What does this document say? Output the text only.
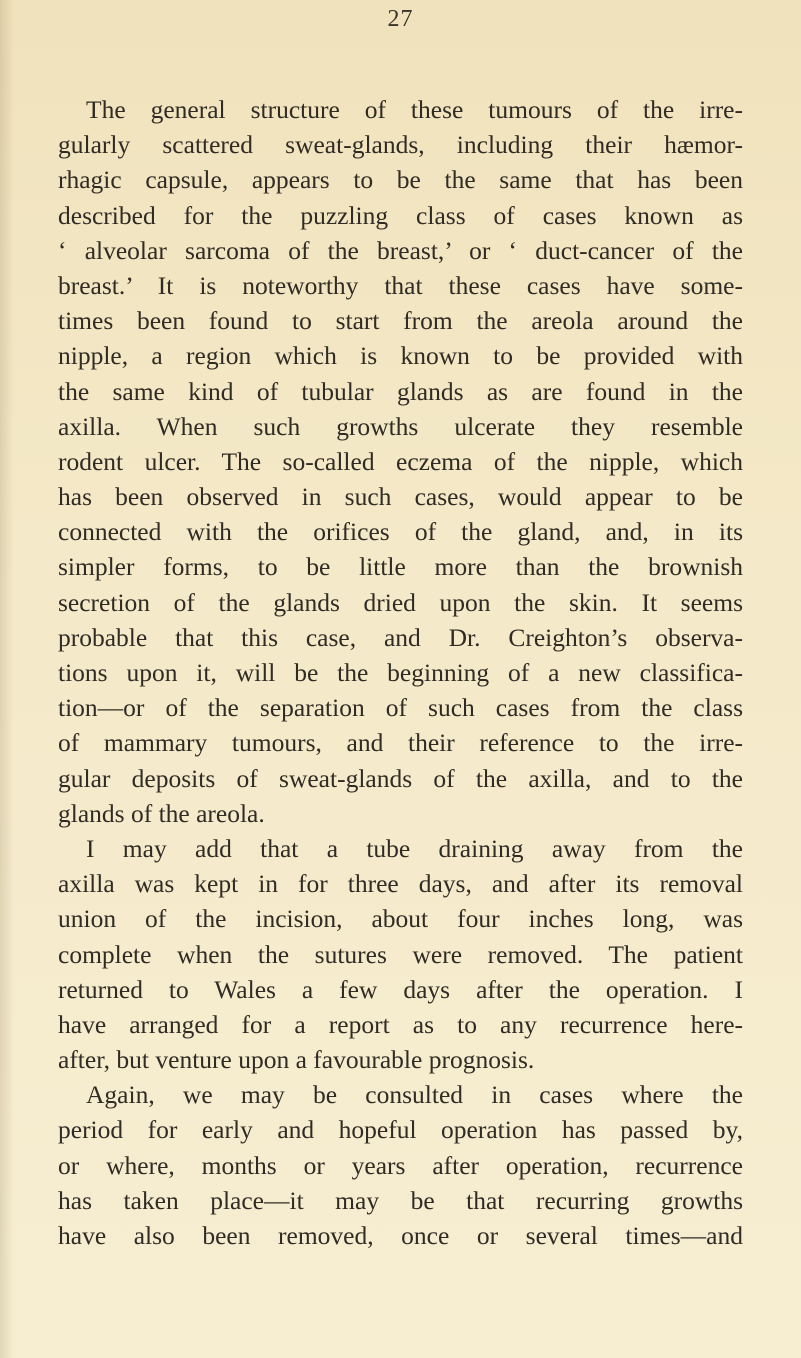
27
The general structure of these tumours of the irre-
gularly scattered sweat-glands, including their hæmor-
rhagic capsule, appears to be the same that has been
described for the puzzling class of cases known as
‘ alveolar sarcoma of the breast,’ or ‘ duct-cancer of the
breast.’ It is noteworthy that these cases have some-
times been found to start from the areola around the
nipple, a region which is known to be provided with
the same kind of tubular glands as are found in the
axilla. When such growths ulcerate they resemble
rodent ulcer. The so-called eczema of the nipple, which
has been observed in such cases, would appear to be
connected with the orifices of the gland, and, in its
simpler forms, to be little more than the brownish
secretion of the glands dried upon the skin. It seems
probable that this case, and Dr. Creighton’s observa-
tions upon it, will be the beginning of a new classifica-
tion—or of the separation of such cases from the class
of mammary tumours, and their reference to the irre-
gular deposits of sweat-glands of the axilla, and to the
glands of the areola.
I may add that a tube draining away from the
axilla was kept in for three days, and after its removal
union of the incision, about four inches long, was
complete when the sutures were removed. The patient
returned to Wales a few days after the operation. I
have arranged for a report as to any recurrence here-
after, but venture upon a favourable prognosis.
Again, we may be consulted in cases where the
period for early and hopeful operation has passed by,
or where, months or years after operation, recurrence
has taken place—it may be that recurring growths
have also been removed, once or several times—and
